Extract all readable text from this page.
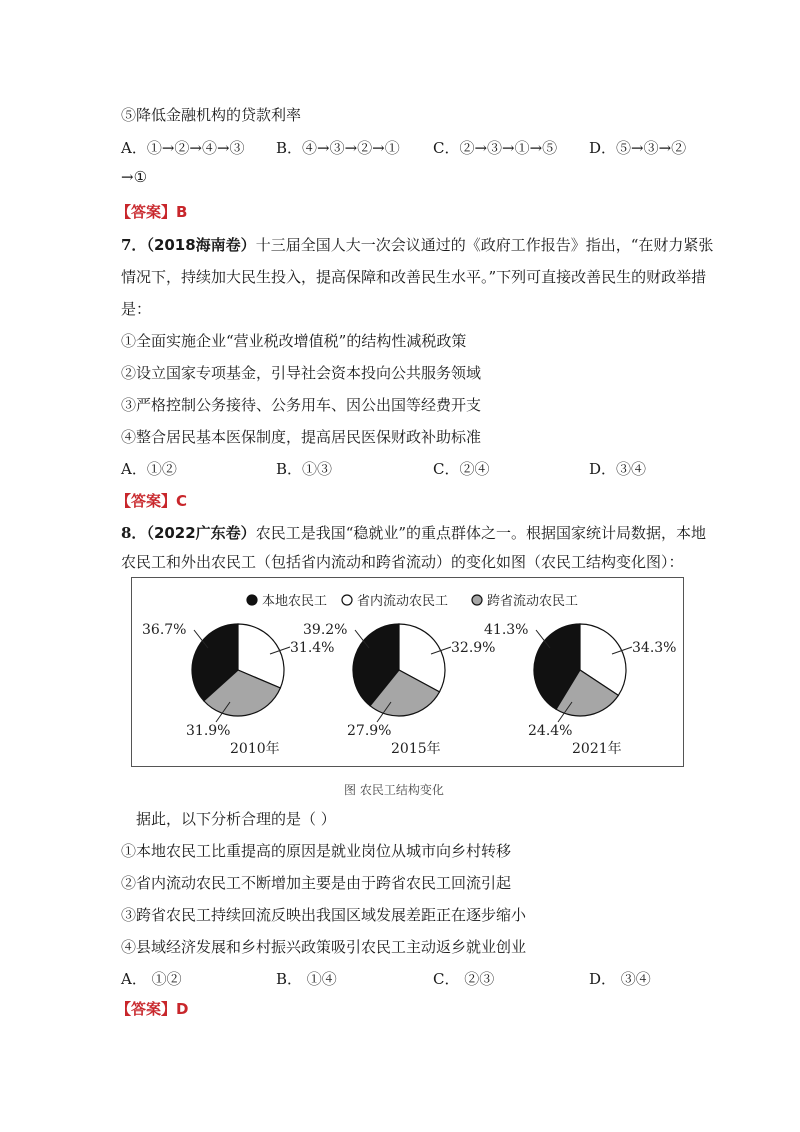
⑤降低金融机构的贷款利率
A．①→②→④→③ B．④→③→②→① C．②→③→①→⑤ D．⑤→③→②
→①
【答案】B
7．（2018海南卷）十三届全国人大一次会议通过的《政府工作报告》指出，“在财力紧张
情况下，持续加大民生投入，提高保障和改善民生水平。”下列可直接改善民生的财政举措
是：
①全面实施企业“营业税改增值税”的结构性减税政策
②设立国家专项基金，引导社会资本投向公共服务领域
③严格控制公务接待、公务用车、因公出国等经费开支
④整合居民基本医保制度，提高居民医保财政补助标准
A．①②	B．①③	C．②④	D．③④
【答案】C
8．（2022广东卷）农民工是我国“稳就业”的重点群体之一。根据国家统计局数据，本地
农民工和外出农民工（包括省内流动和跨省流动）的变化如图（农民工结构变化图）：
本地农民工 省内流动农民工	跨省流动农民工
36.7%
31.4%
31.9%
2010年
39.2%
32.9%
27.9%
2015年
41.3%
34.3%
24.4%
2021年
图 农民工结构变化
据此，以下分析合理的是（ ）
①本地农民工比重提高的原因是就业岗位从城市向乡村转移
②省内流动农民工不断增加主要是由于跨省农民工回流引起
③跨省农民工持续回流反映出我国区域发展差距正在逐步缩小
④县域经济发展和乡村振兴政策吸引农民工主动返乡就业创业
A． ①②	B． ①④	C． ②③	D． ③④
【答案】D
